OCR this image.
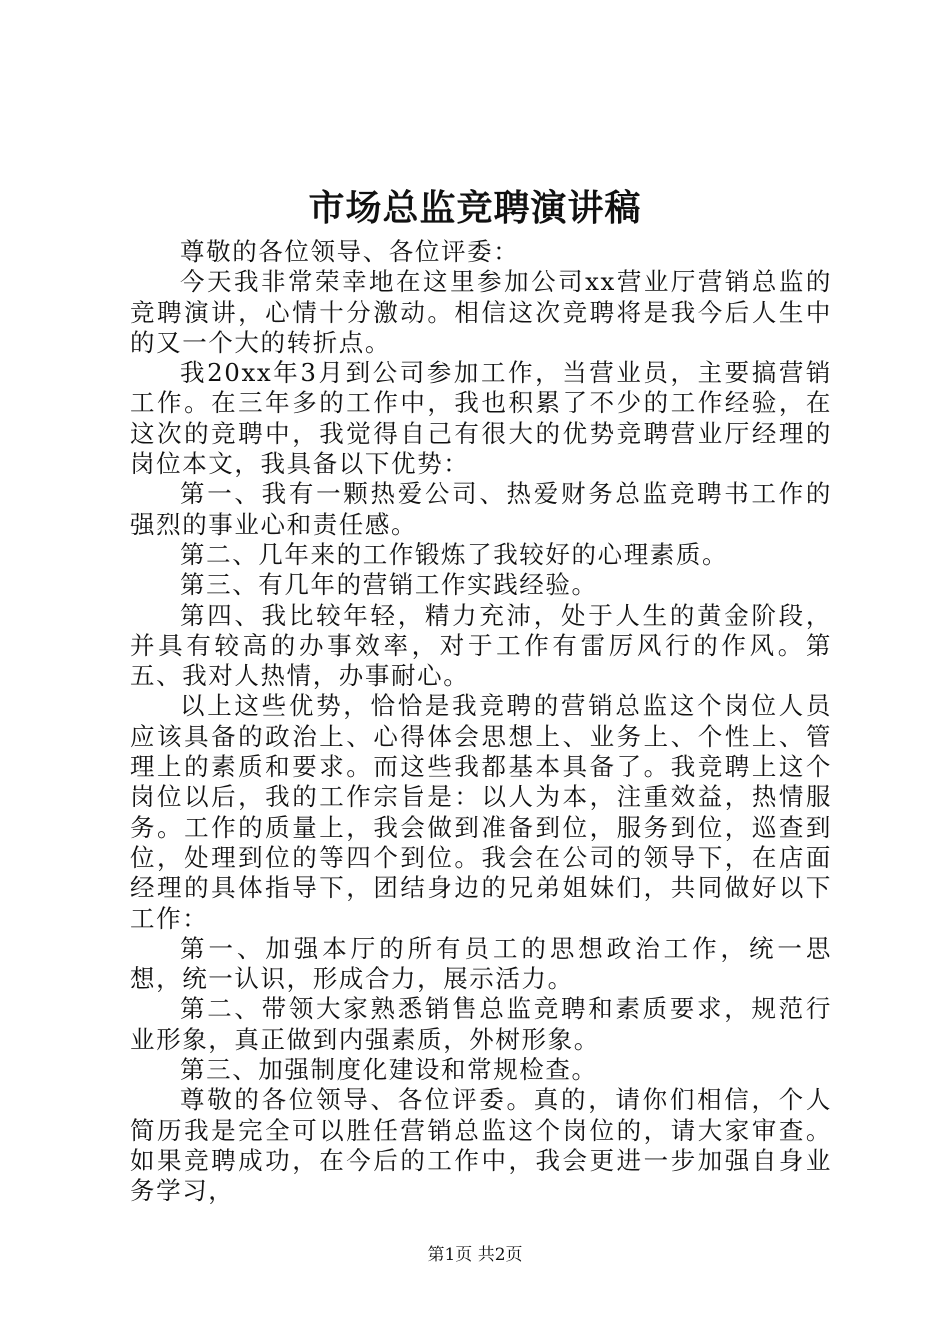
市场总监竞聘演讲稿

尊敬的各位领导、各位评委：

今天我非常荣幸地在这里参加公司xx营业厅营销总监的竞聘演讲，心情十分激动。相信这次竞聘将是我今后人生中的又一个大的转折点。

我20xx年3月到公司参加工作，当营业员，主要搞营销工作。在三年多的工作中，我也积累了不少的工作经验，在这次的竞聘中，我觉得自己有很大的优势竞聘营业厅经理的岗位本文，我具备以下优势：

第一、我有一颗热爱公司、热爱财务总监竞聘书工作的强烈的事业心和责任感。

第二、几年来的工作锻炼了我较好的心理素质。

第三、有几年的营销工作实践经验。

第四、我比较年轻，精力充沛，处于人生的黄金阶段，并具有较高的办事效率，对于工作有雷厉风行的作风。第五、我对人热情，办事耐心。

以上这些优势，恰恰是我竞聘的营销总监这个岗位人员应该具备的政治上、心得体会思想上、业务上、个性上、管理上的素质和要求。而这些我都基本具备了。我竞聘上这个岗位以后，我的工作宗旨是：以人为本，注重效益，热情服务。工作的质量上，我会做到准备到位，服务到位，巡查到位，处理到位的等四个到位。我会在公司的领导下，在店面经理的具体指导下，团结身边的兄弟姐妹们，共同做好以下工作：

第一、加强本厅的所有员工的思想政治工作，统一思想，统一认识，形成合力，展示活力。

第二、带领大家熟悉销售总监竞聘和素质要求，规范行业形象，真正做到内强素质，外树形象。

第三、加强制度化建设和常规检查。

尊敬的各位领导、各位评委。真的，请你们相信，个人简历我是完全可以胜任营销总监这个岗位的，请大家审查。如果竞聘成功，在今后的工作中，我会更进一步加强自身业务学习，

第1页 共2页
